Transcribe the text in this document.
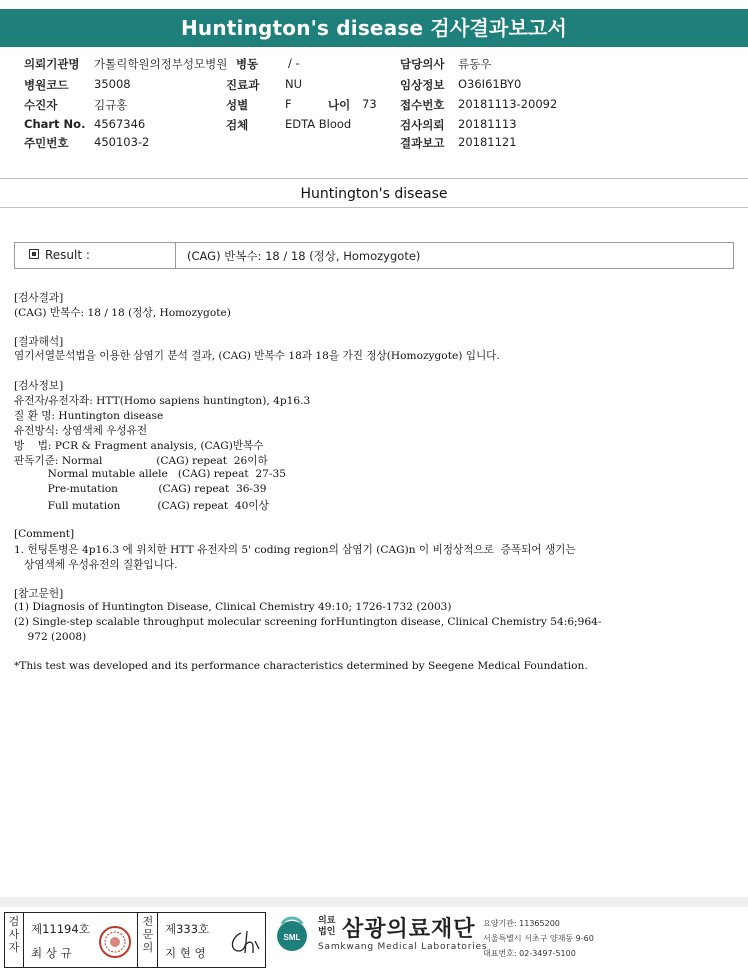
Huntington's disease 검사결과보고서
의뢰기관명 가톨릭학원의정부성모병원 병동	/ -	담당의사 류동우
병원코드 35008	진료과 NU	임상정보 O36I61BY0
수진자	김규홍	성별	F	나이 73 접수번호 20181113-20092
Chart No. 4567346	검체	EDTA Blood	검사의뢰 20181113
주민번호 450103-2	결과보고 20181121
Huntington's disease
Result :	(CAG) 반복수: 18 / 18 (정상, Homozygote)
[검사결과]
(CAG) 반복수: 18 / 18 (정상, Homozygote)
[결과해석]
염기서열분석법을 이용한 삼염기 분석 결과, (CAG) 반복수 18과 18을 가진 정상(Homozygote) 입니다.
[검사정보]
유전자/유전자좌: HTT(Homo sapiens huntington), 4p16.3
질 환 명: Huntington disease
유전방식: 상염색체 우성유전
방    법: PCR & Fragment analysis, (CAG)반복수
판독기준: Normal                (CAG) repeat  26이하
Normal mutable allele   (CAG) repeat  27-35
Pre-mutation            (CAG) repeat  36-39
Full mutation           (CAG) repeat  40이상
[Comment]
1. 헌팅톤병은 4p16.3 에 위치한 HTT 유전자의 5' coding region의 삼염기 (CAG)n 이 비정상적으로  증폭되어 생기는
상염색체 우성유전의 질환입니다.
[참고문헌]
(1) Diagnosis of Huntington Disease, Clinical Chemistry 49:10; 1726-1732 (2003)
(2) Single-step scalable throughput molecular screening forHuntington disease, Clinical Chemistry 54:6;964-
972 (2008)
*This test was developed and its performance characteristics determined by Seegene Medical Foundation.
검사자
제11194호
최 상 규
전문의
제333호
지 현 영
SML
의료법인 삼광의료재단
Samkwang Medical Laboratories
요양기관: 11365200
서울특별시 서초구 양재동 9-60
대표번호: 02-3497-5100
